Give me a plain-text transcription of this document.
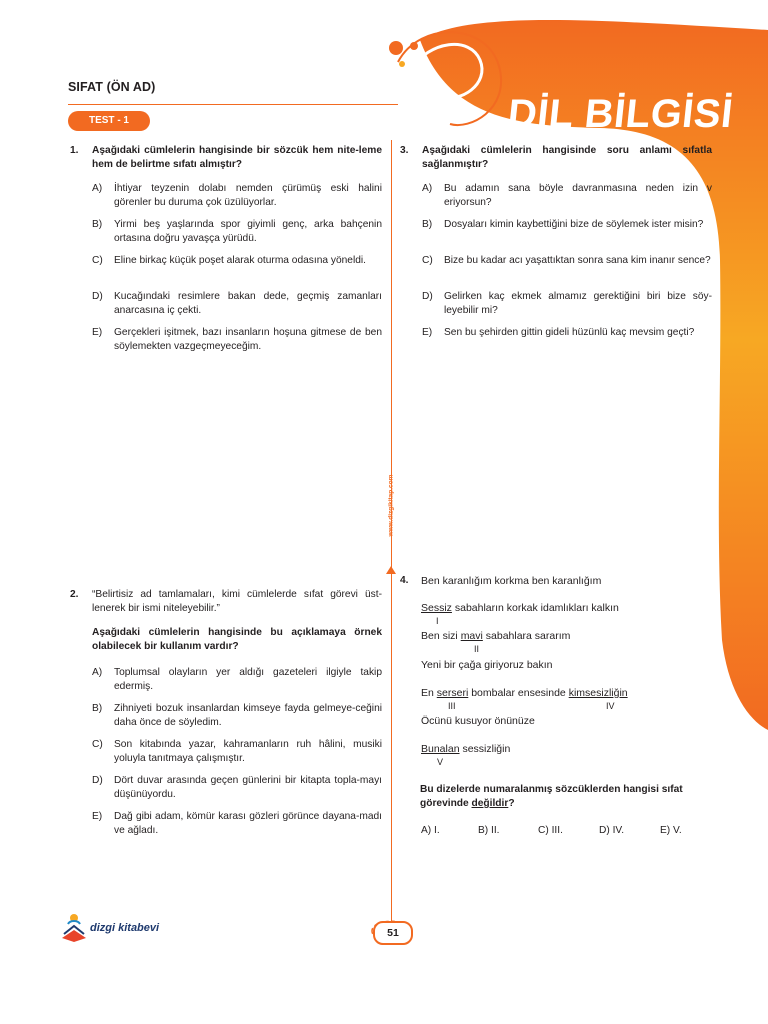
SIFAT (ÖN AD)
TEST - 1	DİL BİLGİSİ
www.dizgikitap.com
1. Aşağıdaki cümlelerin hangisinde bir sözcük hem nite-leme hem de belirtme sıfatı almıştır?
A) İhtiyar teyzenin dolabı nemden çürümüş eski halini görenler bu duruma çok üzülüyorlar.
B) Yirmi beş yaşlarında spor giyimli genç, arka bahçenin ortasına doğru yavaşça yürüdü.
C) Eline birkaç küçük poşet alarak oturma odasına yöneldi.
D) Kucağındaki resimlere bakan dede, geçmiş zamanları anarcasına iç çekti.
E) Gerçekleri işitmek, bazı insanların hoşuna gitmese de ben söylemekten vazgeçmeyeceğim.
2. “Belirtisiz ad tamlamaları, kimi cümlelerde sıfat görevi üst-lenerek bir ismi niteleyebilir.”
Aşağıdaki cümlelerin hangisinde bu açıklamaya örnek olabilecek bir kullanım vardır?
A) Toplumsal olayların yer aldığı gazeteleri ilgiyle takip edermiş.
B) Zihniyeti bozuk insanlardan kimseye fayda gelmeye-ceğini daha önce de söyledim.
C) Son kitabında yazar, kahramanların ruh hâlini, musiki yoluyla tanıtmaya çalışmıştır.
D) Dört duvar arasında geçen günlerini bir kitapta topla-mayı düşünüyordu.
E) Dağ gibi adam, kömür karası gözleri görünce dayana-madı ve ağladı.
3. Aşağıdaki cümlelerin hangisinde soru anlamı sıfatla sağlanmıştır?
A) Bu adamın sana böyle davranmasına neden izin v eriyorsun?
B) Dosyaları kimin kaybettiğini bize de söylemek ister misin?
C) Bize bu kadar acı yaşattıktan sonra sana kim inanır sence?
D) Gelirken kaç ekmek almamız gerektiğini biri bize söy-leyebilir mi?
E) Sen bu şehirden gittin gideli hüzünlü kaç mevsim geçti?
4. Ben karanlığım korkma ben karanlığım
Sessiz sabahların korkak idamlıkları kalkın
I
Ben sizi mavi sabahlara sararım
II
Yeni bir çağa giriyoruz bakın
En serseri bombalar ensesinde kimsesizliğin
III	IV
Öcünü kusuyor önünüze
Bunalan sessizliğin
V
Bu dizelerde numaralanmış sözcüklerden hangisi sıfat görevinde değildir?
A) I.	B) II.	C) III.	D) IV.	E) V.
dizgi kitabevi	51
